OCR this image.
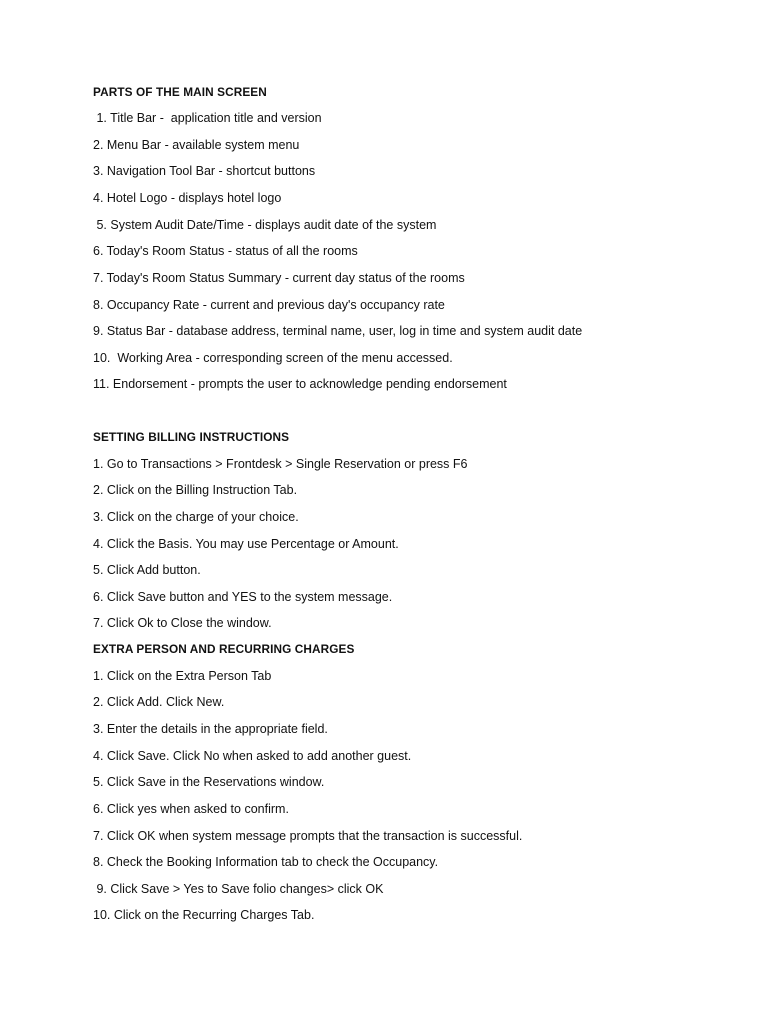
PARTS OF THE MAIN SCREEN
1. Title Bar -  application title and version
2. Menu Bar - available system menu
3. Navigation Tool Bar - shortcut buttons
4. Hotel Logo - displays hotel logo
5. System Audit Date/Time - displays audit date of the system
6. Today's Room Status - status of all the rooms
7. Today's Room Status Summary - current day status of the rooms
8. Occupancy Rate - current and previous day's occupancy rate
9. Status Bar - database address, terminal name, user, log in time and system audit date
10.  Working Area - corresponding screen of the menu accessed.
11. Endorsement - prompts the user to acknowledge pending endorsement
SETTING BILLING INSTRUCTIONS
1. Go to Transactions > Frontdesk > Single Reservation or press F6
2. Click on the Billing Instruction Tab.
3. Click on the charge of your choice.
4. Click the Basis. You may use Percentage or Amount.
5. Click Add button.
6. Click Save button and YES to the system message.
7. Click Ok to Close the window.
EXTRA PERSON AND RECURRING CHARGES
1. Click on the Extra Person Tab
2. Click Add. Click New.
3. Enter the details in the appropriate field.
4. Click Save. Click No when asked to add another guest.
5. Click Save in the Reservations window.
6. Click yes when asked to confirm.
7. Click OK when system message prompts that the transaction is successful.
8. Check the Booking Information tab to check the Occupancy.
9. Click Save > Yes to Save folio changes> click OK
10. Click on the Recurring Charges Tab.
